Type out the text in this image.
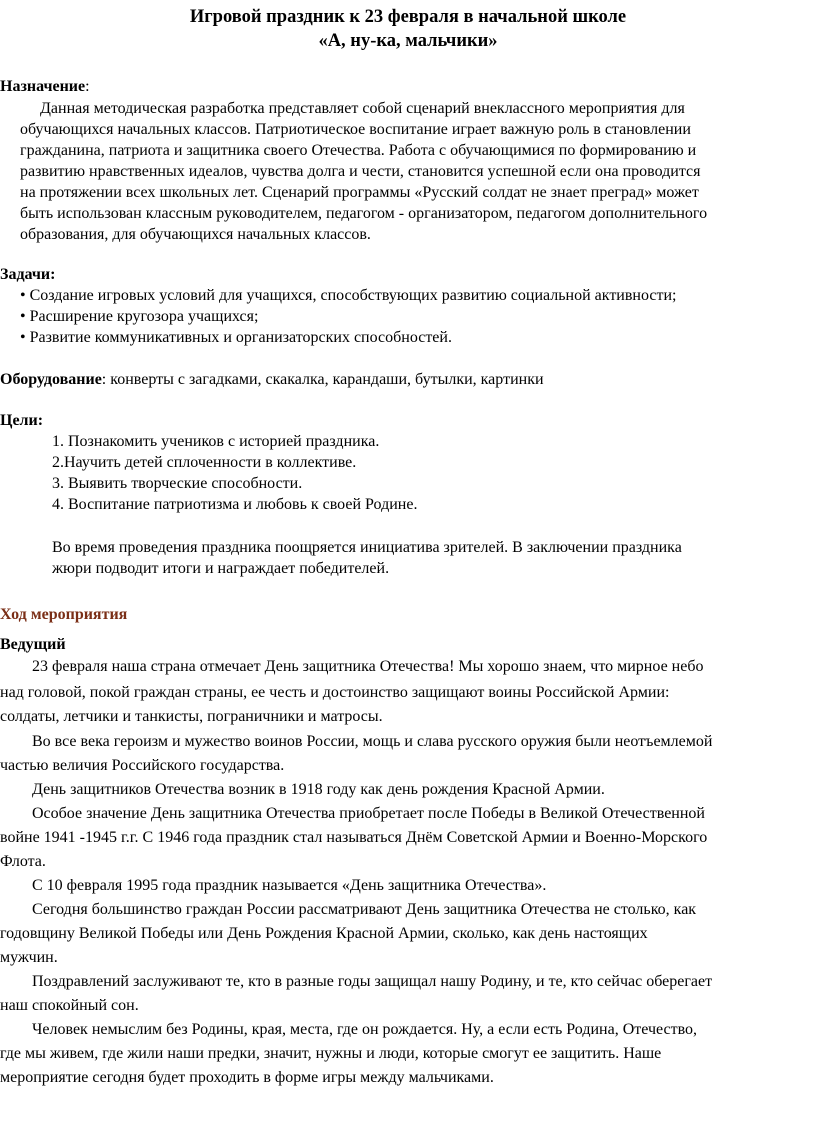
Игровой праздник к 23 февраля в начальной школе
«А, ну-ка, мальчики»
Назначение:
Данная методическая разработка представляет собой сценарий внеклассного мероприятия для
обучающихся начальных классов. Патриотическое воспитание играет важную роль в становлении
гражданина, патриота и защитника своего Отечества. Работа с обучающимися по формированию и
развитию нравственных идеалов, чувства долга и чести, становится успешной если она проводится
на протяжении всех школьных лет. Сценарий программы «Русский солдат не знает преград» может
быть использован классным руководителем, педагогом - организатором, педагогом дополнительного
образования, для обучающихся начальных классов.
Задачи:
• Создание игровых условий для учащихся, способствующих развитию социальной активности;
• Расширение кругозора учащихся;
• Развитие коммуникативных и организаторских способностей.
Оборудование: конверты с загадками, скакалка, карандаши, бутылки, картинки
Цели:
1. Познакомить учеников с историей праздника.
2.Научить детей сплоченности в коллективе.
3. Выявить творческие способности.
4. Воспитание патриотизма и любовь к своей Родине.
Во время проведения праздника поощряется инициатива зрителей. В заключении праздника
жюри подводит итоги и награждает победителей.
Ход мероприятия
Ведущий
23 февраля наша страна отмечает День защитника Отечества! Мы хорошо знаем, что мирное небо
над головой, покой граждан страны, ее честь и достоинство защищают воины Российской Армии:
солдаты, летчики и танкисты, пограничники и матросы.
Во все века героизм и мужество воинов России, мощь и слава русского оружия были неотъемлемой
частью величия Российского государства.
День защитников Отечества возник в 1918 году как день рождения Красной Армии.
Особое значение День защитника Отечества приобретает после Победы в Великой Отечественной
войне 1941 -1945 г.г. С 1946 года праздник стал называться Днём Советской Армии и Военно-Морского
Флота.
С 10 февраля 1995 года праздник называется «День защитника Отечества».
Сегодня большинство граждан России рассматривают День защитника Отечества не столько, как
годовщину Великой Победы или День Рождения Красной Армии, сколько, как день настоящих
мужчин.
Поздравлений заслуживают те, кто в разные годы защищал нашу Родину, и те, кто сейчас оберегает
наш спокойный сон.
Человек немыслим без Родины, края, места, где он рождается. Ну, а если есть Родина, Отечество,
где мы живем, где жили наши предки, значит, нужны и люди, которые смогут ее защитить. Наше
мероприятие сегодня будет проходить в форме игры между мальчиками.
